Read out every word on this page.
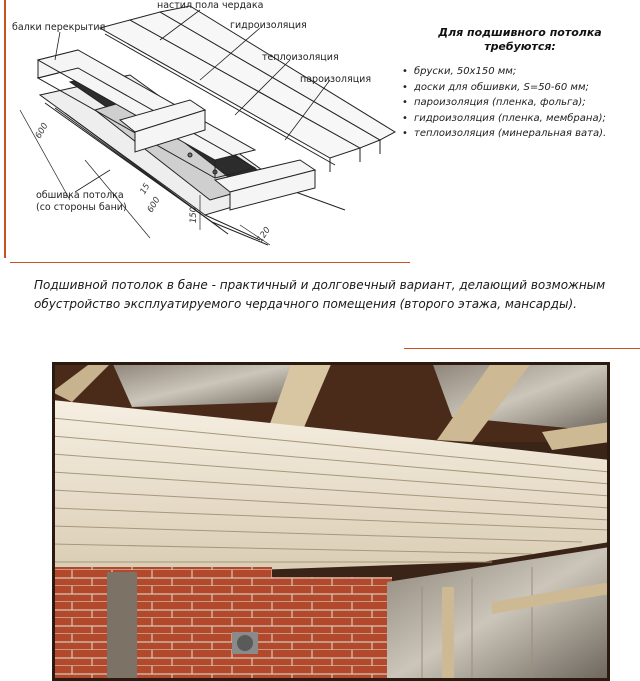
настил пола чердака
балки перекрытия	гидроизоляция
теплоизоляция
пароизоляция
обшивка потолка
(со стороны бани)
600
15
600
150
120
Для подшивного потолка
требуются:
• бруски, 50х150 мм;
• доски для обшивки, S=50-60 мм;
• пароизоляция (пленка, фольга);
• гидроизоляция (пленка, мембрана);
• теплоизоляция (минеральная вата).
Подшивной потолок в бане - практичный и долговечный вариант, делающий возможным обустройство эксплуатируемого чердачного помещения (второго этажа, мансарды).
